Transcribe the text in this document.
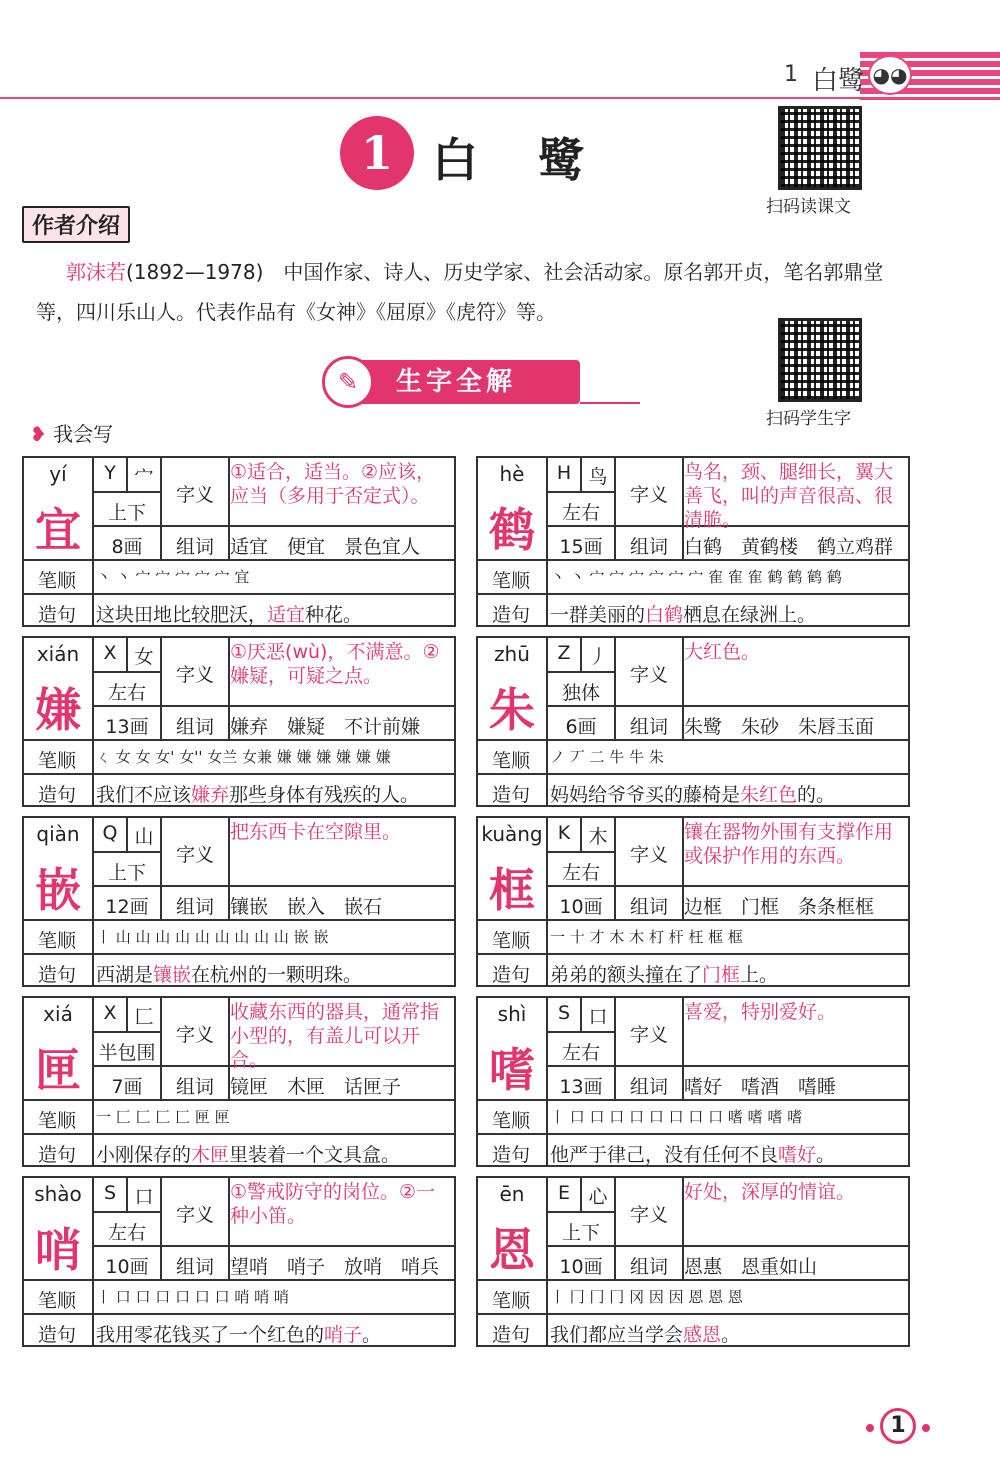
1 白鹭 ◕◕
1 白鹭
扫码读课文
作者介绍
郭沫若(1892—1978)　中国作家、诗人、历史学家、社会活动家。原名郭开贞，笔名郭鼎堂等，四川乐山人。代表作品有《女神》《屈原》《虎符》等。
扫码学生字
生字全解
✎
❥ 我会写
yí
宜
Y 宀
上下
8画
字义
组词
笔顺
造句
①适合，适当。②应该，应当（多用于否定式）。
适宜　便宜　景色宜人
丶 丶 宀 宀 宀 宀 宀 宜
这块田地比较肥沃，适宜种花。
hè
鹤
H 鸟
左右
15画
字义
组词
笔顺
造句
鸟名，颈、腿细长，翼大善飞，叫的声音很高、很清脆。
白鹤　黄鹤楼　鹤立鸡群
丶 丶 宀 宀 宀 宀 宀 宀 隺 隺 隺 鹤 鹤 鹤 鹤
一群美丽的白鹤栖息在绿洲上。
xián
嫌
X 女
左右
13画
字义
组词
笔顺
造句
①厌恶(wù)，不满意。②嫌疑，可疑之点。
嫌弃　嫌疑　不计前嫌
ㄑ 女 女 女' 女'' 女兰 女兼 嫌 嫌 嫌 嫌 嫌 嫌
我们不应该嫌弃那些身体有残疾的人。
zhū
朱
Z 丿
独体
6画
字义
组词
笔顺
造句
大红色。
朱鹭　朱砂　朱唇玉面
ノ 丆 二 牛 牛 朱
妈妈给爷爷买的藤椅是朱红色的。
qiàn
嵌
Q 山
上下
12画
字义
组词
笔顺
造句
把东西卡在空隙里。
镶嵌　嵌入　嵌石
丨 山 山 山 山 山 山 山 山 山 嵌 嵌
西湖是镶嵌在杭州的一颗明珠。
kuàng
框
K 木
左右
10画
字义
组词
笔顺
造句
镶在器物外围有支撑作用或保护作用的东西。
边框　门框　条条框框
一 十 才 木 木 朾 杆 枉 框 框
弟弟的额头撞在了门框上。
xiá
匣
X 匚
半包围
7画
字义
组词
笔顺
造句
收藏东西的器具，通常指小型的，有盖儿可以开合。
镜匣　木匣　话匣子
一 匚 匚 匚 匚 匣 匣
小刚保存的木匣里装着一个文具盒。
shì
嗜
S 口
左右
13画
字义
组词
笔顺
造句
喜爱，特别爱好。
嗜好　嗜酒　嗜睡
丨 口 口 口 口 口 口 口 口 嗜 嗜 嗜 嗜
他严于律己，没有任何不良嗜好。
shào
哨
S 口
左右
10画
字义
组词
笔顺
造句
①警戒防守的岗位。②一种小笛。
望哨　哨子　放哨　哨兵
丨 口 口 口 口 口 口 哨 哨 哨
我用零花钱买了一个红色的哨子。
ēn
恩
E 心
上下
10画
字义
组词
笔顺
造句
好处，深厚的情谊。
恩惠　恩重如山
丨 冂 冂 冂 冈 因 因 恩 恩 恩
我们都应当学会感恩。
1
